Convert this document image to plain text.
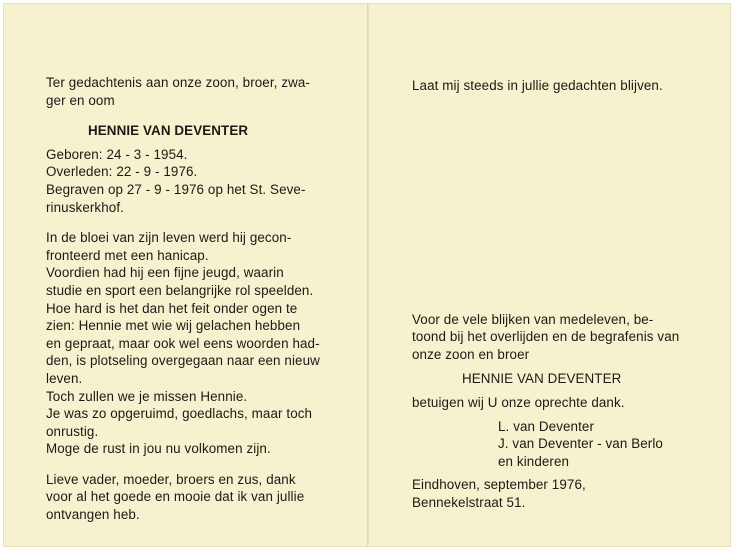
Ter gedachtenis aan onze zoon, broer, zwa-
ger en oom
HENNIE VAN DEVENTER
Geboren: 24 - 3 - 1954.
Overleden: 22 - 9 - 1976.
Begraven op 27 - 9 - 1976 op het St. Seve-
rinuskerkhof.
In de bloei van zijn leven werd hij gecon-
fronteerd met een hanicap.
Voordien had hij een fijne jeugd, waarin
studie en sport een belangrijke rol speelden.
Hoe hard is het dan het feit onder ogen te
zien: Hennie met wie wij gelachen hebben
en gepraat, maar ook wel eens woorden had-
den, is plotseling overgegaan naar een nieuw
leven.
Toch zullen we je missen Hennie.
Je was zo opgeruimd, goedlachs, maar toch
onrustig.
Moge de rust in jou nu volkomen zijn.
Lieve vader, moeder, broers en zus, dank
voor al het goede en mooie dat ik van jullie
ontvangen heb.
Laat mij steeds in jullie gedachten blijven.
Voor de vele blijken van medeleven, be-
toond bij het overlijden en de begrafenis van
onze zoon en broer
HENNIE VAN DEVENTER
betuigen wij U onze oprechte dank.
L. van Deventer
J. van Deventer - van Berlo
en kinderen
Eindhoven, september 1976,
Bennekelstraat 51.
